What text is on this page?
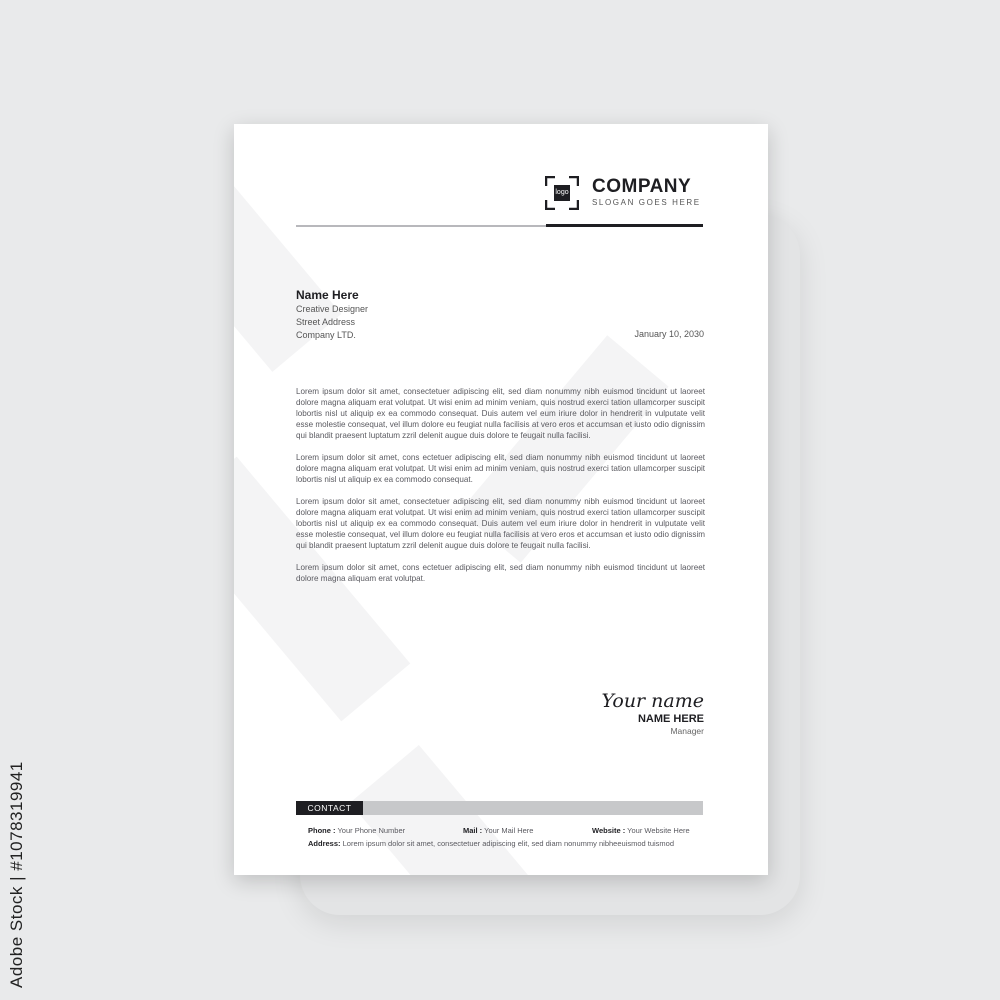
Adobe Stock | #1078319941
logo COMPANY
SLOGAN GOES HERE
Name Here
Creative Designer
Street Address
Company LTD.	January 10, 2030

Lorem ipsum dolor sit amet, consectetuer adipiscing elit, sed diam nonummy nibh euismod tincidunt ut laoreet dolore magna aliquam erat volutpat. Ut wisi enim ad minim veniam, quis nostrud exerci tation ullamcorper suscipit lobortis nisl ut aliquip ex ea commodo consequat. Duis autem vel eum iriure dolor in hendrerit in vulputate velit esse molestie consequat, vel illum dolore eu feugiat nulla facilisis at vero eros et accumsan et iusto odio dignissim qui blandit praesent luptatum zzril delenit augue duis dolore te feugait nulla facilisi.

Lorem ipsum dolor sit amet, cons ectetuer adipiscing elit, sed diam nonummy nibh euismod tincidunt ut laoreet dolore magna aliquam erat volutpat. Ut wisi enim ad minim veniam, quis nostrud exerci tation ullamcorper suscipit lobortis nisl ut aliquip ex ea commodo consequat.

Lorem ipsum dolor sit amet, consectetuer adipiscing elit, sed diam nonummy nibh euismod tincidunt ut laoreet dolore magna aliquam erat volutpat. Ut wisi enim ad minim veniam, quis nostrud exerci tation ullamcorper suscipit lobortis nisl ut aliquip ex ea commodo consequat. Duis autem vel eum iriure dolor in hendrerit in vulputate velit esse molestie consequat, vel illum dolore eu feugiat nulla facilisis at vero eros et accumsan et iusto odio dignissim qui blandit praesent luptatum zzril delenit augue duis dolore te feugait nulla facilisi.

Lorem ipsum dolor sit amet, cons ectetuer adipiscing elit, sed diam nonummy nibh euismod tincidunt ut laoreet dolore magna aliquam erat volutpat.

Your name
NAME HERE
Manager
CONTACT
Phone : Your Phone Number	Mail : Your Mail Here	Website : Your Website Here
Address: Lorem ipsum dolor sit amet, consectetuer adipiscing elit, sed diam nonummy nibheeuismod tuismod
